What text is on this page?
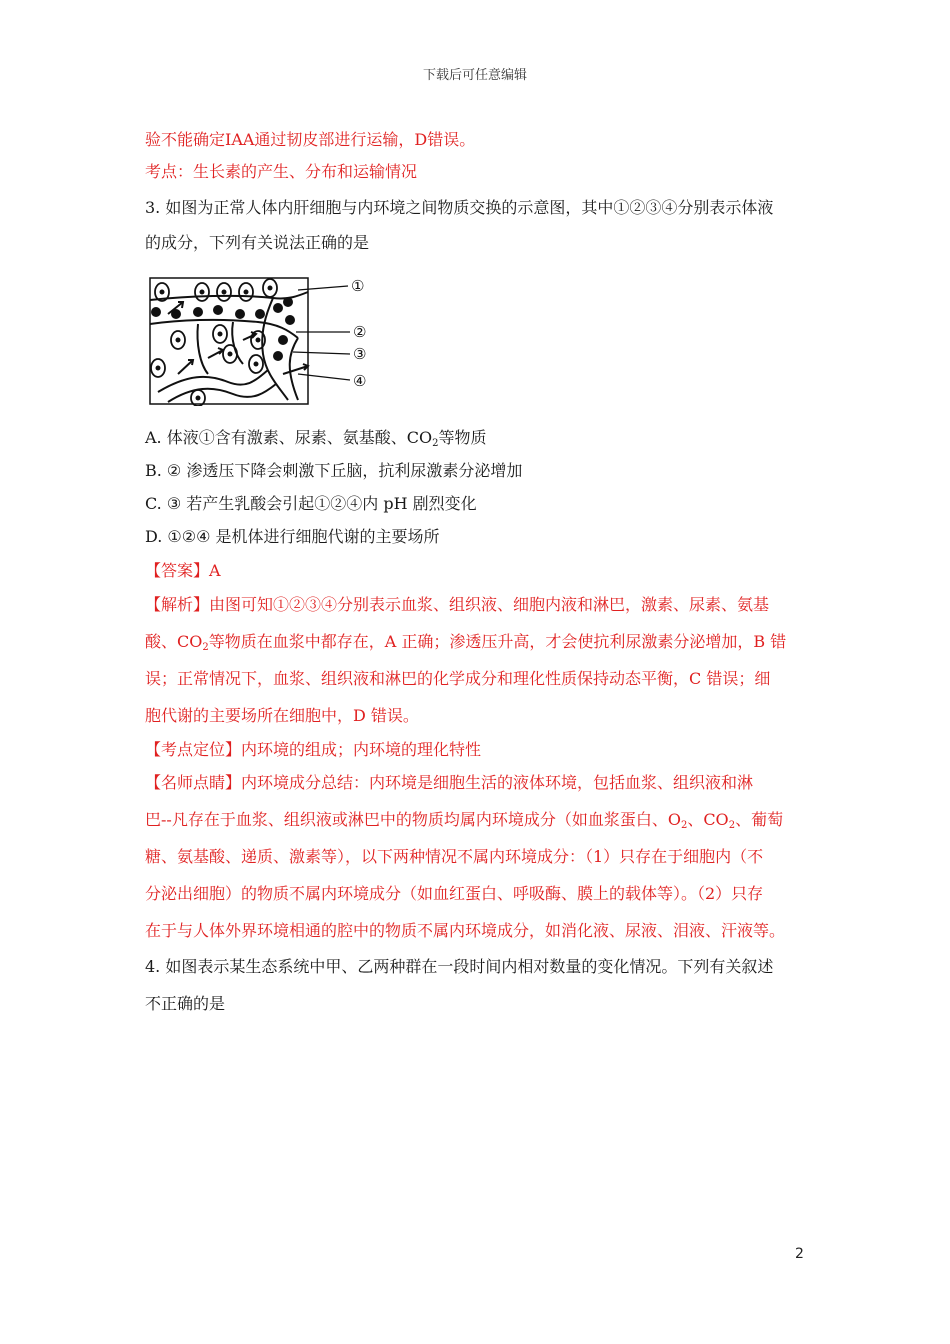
下载后可任意编辑
验不能确定IAA通过韧皮部进行运输，D错误。
考点：生长素的产生、分布和运输情况
3. 如图为正常人体内肝细胞与内环境之间物质交换的示意图，其中①②③④分别表示体液
的成分，下列有关说法正确的是
①
②
③
④
A. 体液①含有激素、尿素、氨基酸、$CO_2$等物质
B. ② 渗透压下降会刺激下丘脑，抗利尿激素分泌增加
C. ③ 若产生乳酸会引起①②④内 pH 剧烈变化
D. ①②④ 是机体进行细胞代谢的主要场所
【答案】A
【解析】由图可知①②③④分别表示血浆、组织液、细胞内液和淋巴，激素、尿素、氨基
酸、$CO_2$等物质在血浆中都存在，A 正确；渗透压升高，才会使抗利尿激素分泌增加，B 错
误；正常情况下，血浆、组织液和淋巴的化学成分和理化性质保持动态平衡，C 错误；细
胞代谢的主要场所在细胞中，D 错误。
【考点定位】内环境的组成；内环境的理化特性
【名师点睛】内环境成分总结：内环境是细胞生活的液体环境，包括血浆、组织液和淋
巴--凡存在于血浆、组织液或淋巴中的物质均属内环境成分（如血浆蛋白、$O_2$、$CO_2$、葡萄
糖、氨基酸、递质、激素等），以下两种情况不属内环境成分：（1）只存在于细胞内（不
分泌出细胞）的物质不属内环境成分（如血红蛋白、呼吸酶、膜上的载体等）。（2）只存
在于与人体外界环境相通的腔中的物质不属内环境成分，如消化液、尿液、泪液、汗液等。
4. 如图表示某生态系统中甲、乙两种群在一段时间内相对数量的变化情况。下列有关叙述
不正确的是
2
